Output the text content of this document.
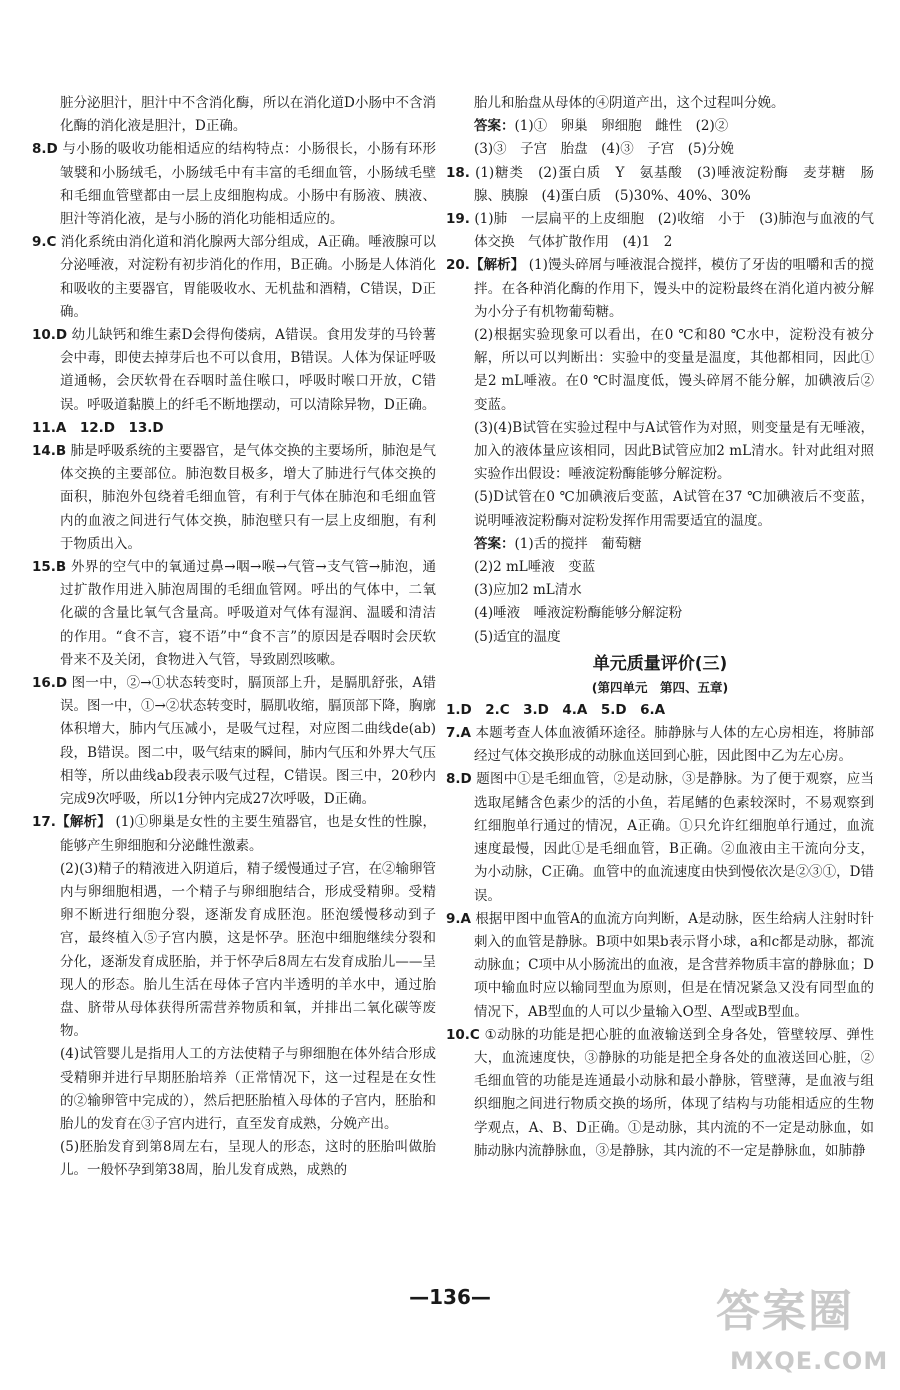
脏分泌胆汁，胆汁中不含消化酶，所以在消化道D小肠中不含消化酶的消化液是胆汁，D正确。

8.D 与小肠的吸收功能相适应的结构特点：小肠很长，小肠有环形皱襞和小肠绒毛，小肠绒毛中有丰富的毛细血管，小肠绒毛壁和毛细血管壁都由一层上皮细胞构成。小肠中有肠液、胰液、胆汁等消化液，是与小肠的消化功能相适应的。

9.C 消化系统由消化道和消化腺两大部分组成，A正确。唾液腺可以分泌唾液，对淀粉有初步消化的作用，B正确。小肠是人体消化和吸收的主要器官，胃能吸收水、无机盐和酒精，C错误，D正确。

10.D 幼儿缺钙和维生素D会得佝偻病，A错误。食用发芽的马铃薯会中毒，即使去掉芽后也不可以食用，B错误。人体为保证呼吸道通畅，会厌软骨在吞咽时盖住喉口，呼吸时喉口开放，C错误。呼吸道黏膜上的纤毛不断地摆动，可以清除异物，D正确。

11.A　12.D　13.D

14.B 肺是呼吸系统的主要器官，是气体交换的主要场所，肺泡是气体交换的主要部位。肺泡数目极多，增大了肺进行气体交换的面积，肺泡外包绕着毛细血管，有利于气体在肺泡和毛细血管内的血液之间进行气体交换，肺泡壁只有一层上皮细胞，有利于物质出入。

15.B 外界的空气中的氧通过鼻→咽→喉→气管→支气管→肺泡，通过扩散作用进入肺泡周围的毛细血管网。呼出的气体中，二氧化碳的含量比氧气含量高。呼吸道对气体有湿润、温暖和清洁的作用。“食不言，寝不语”中“食不言”的原因是吞咽时会厌软骨来不及关闭，食物进入气管，导致剧烈咳嗽。

16.D 图一中，②→①状态转变时，膈顶部上升，是膈肌舒张，A错误。图一中，①→②状态转变时，膈肌收缩，膈顶部下降，胸廓体积增大，肺内气压减小，是吸气过程，对应图二曲线de(ab)段，B错误。图二中，吸气结束的瞬间，肺内气压和外界大气压相等，所以曲线ab段表示吸气过程，C错误。图三中，20秒内完成9次呼吸，所以1分钟内完成27次呼吸，D正确。

17.【解析】 (1)①卵巢是女性的主要生殖器官，也是女性的性腺，能够产生卵细胞和分泌雌性激素。

(2)(3)精子的精液进入阴道后，精子缓慢通过子宫，在②输卵管内与卵细胞相遇，一个精子与卵细胞结合，形成受精卵。受精卵不断进行细胞分裂，逐渐发育成胚泡。胚泡缓慢移动到子宫，最终植入⑤子宫内膜，这是怀孕。胚泡中细胞继续分裂和分化，逐渐发育成胚胎，并于怀孕后8周左右发育成胎儿——呈现人的形态。胎儿生活在母体子宫内半透明的羊水中，通过胎盘、脐带从母体获得所需营养物质和氧，并排出二氧化碳等废物。

(4)试管婴儿是指用人工的方法使精子与卵细胞在体外结合形成受精卵并进行早期胚胎培养（正常情况下，这一过程是在女性的②输卵管中完成的），然后把胚胎植入母体的子宫内，胚胎和胎儿的发育在③子宫内进行，直至发育成熟，分娩产出。

(5)胚胎发育到第8周左右，呈现人的形态，这时的胚胎叫做胎儿。一般怀孕到第38周，胎儿发育成熟，成熟的

胎儿和胎盘从母体的④阴道产出，这个过程叫分娩。

答案：(1)①　卵巢　卵细胞　雌性　(2)②

(3)③　子宫　胎盘　(4)③　子宫　(5)分娩

18. (1)糖类　(2)蛋白质　Y　氨基酸　(3)唾液淀粉酶　麦芽糖　肠腺、胰腺　(4)蛋白质　(5)30%、40%、30%

19. (1)肺　一层扁平的上皮细胞　(2)收缩　小于　(3)肺泡与血液的气体交换　气体扩散作用　(4)1　2

20.【解析】 (1)馒头碎屑与唾液混合搅拌，模仿了牙齿的咀嚼和舌的搅拌。在各种消化酶的作用下，馒头中的淀粉最终在消化道内被分解为小分子有机物葡萄糖。

(2)根据实验现象可以看出，在0 ℃和80 ℃水中，淀粉没有被分解，所以可以判断出：实验中的变量是温度，其他都相同，因此①是2 mL唾液。在0 ℃时温度低，馒头碎屑不能分解，加碘液后②变蓝。

(3)(4)B试管在实验过程中与A试管作为对照，则变量是有无唾液，加入的液体量应该相同，因此B试管应加2 mL清水。针对此组对照实验作出假设：唾液淀粉酶能够分解淀粉。

(5)D试管在0 ℃加碘液后变蓝，A试管在37 ℃加碘液后不变蓝，说明唾液淀粉酶对淀粉发挥作用需要适宜的温度。

答案：(1)舌的搅拌　葡萄糖

(2)2 mL唾液　变蓝

(3)应加2 mL清水

(4)唾液　唾液淀粉酶能够分解淀粉

(5)适宜的温度

单元质量评价(三)

(第四单元　第四、五章)

1.D　2.C　3.D　4.A　5.D　6.A

7.A 本题考查人体血液循环途径。肺静脉与人体的左心房相连，将肺部经过气体交换形成的动脉血送回到心脏，因此图中乙为左心房。

8.D 题图中①是毛细血管，②是动脉，③是静脉。为了便于观察，应当选取尾鳍含色素少的活的小鱼，若尾鳍的色素较深时，不易观察到红细胞单行通过的情况，A正确。①只允许红细胞单行通过，血流速度最慢，因此①是毛细血管，B正确。②血液由主干流向分支，为小动脉，C正确。血管中的血流速度由快到慢依次是②③①，D错误。

9.A 根据甲图中血管A的血流方向判断，A是动脉，医生给病人注射时针刺入的血管是静脉。B项中如果b表示肾小球，a和c都是动脉，都流动脉血；C项中从小肠流出的血液，是含营养物质丰富的静脉血；D项中输血时应以输同型血为原则，但是在情况紧急又没有同型血的情况下，AB型血的人可以少量输入O型、A型或B型血。

10.C ①动脉的功能是把心脏的血液输送到全身各处，管壁较厚、弹性大，血流速度快，③静脉的功能是把全身各处的血液送回心脏，②毛细血管的功能是连通最小动脉和最小静脉，管壁薄，是血液与组织细胞之间进行物质交换的场所，体现了结构与功能相适应的生物学观点，A、B、D正确。①是动脉，其内流的不一定是动脉血，如肺动脉内流静脉血，③是静脉，其内流的不一定是静脉血，如肺静

—136—	答案圈
MXQE.COM
